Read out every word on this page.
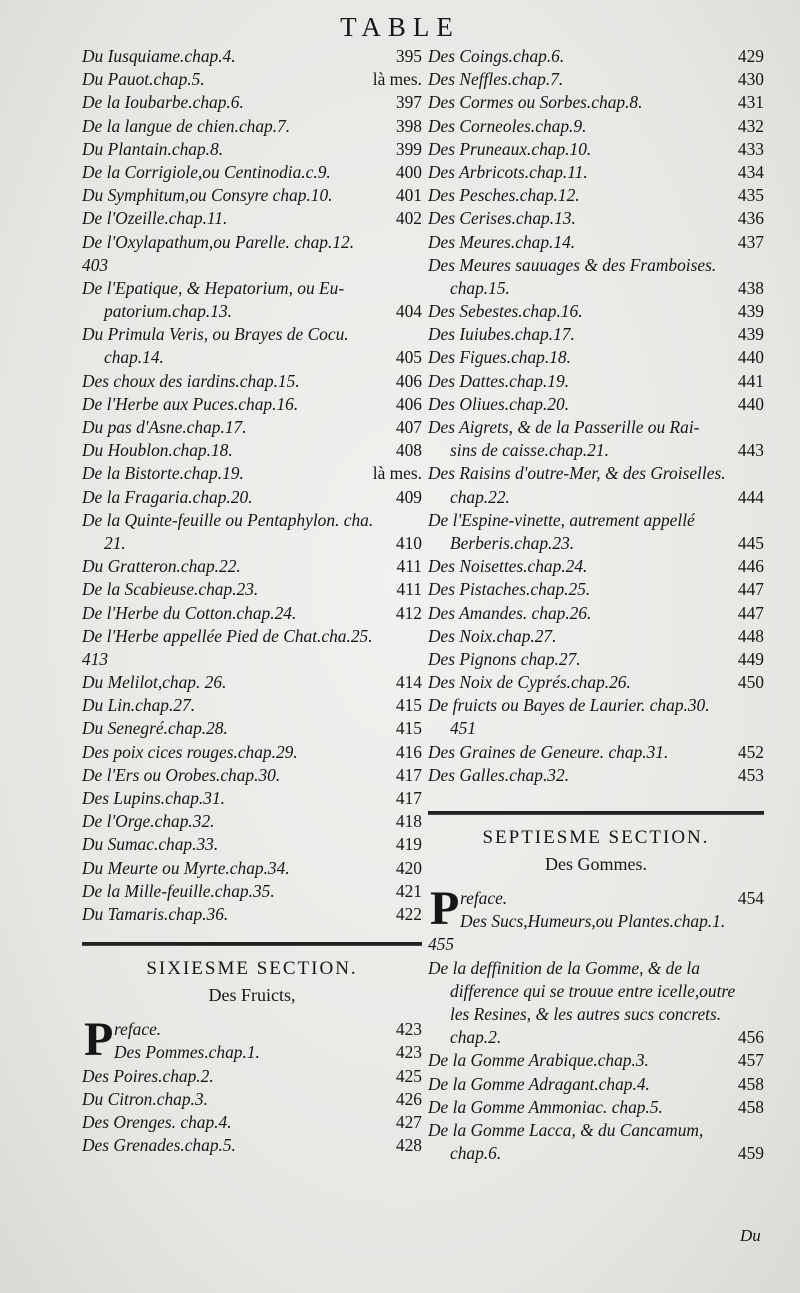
TABLE
Du Iusquiame.chap.4.	395
Du Pauot.chap.5.	là mes.
De la Ioubarbe.chap.6.	397
De la langue de chien.chap.7.	398
Du Plantain.chap.8.	399
De la Corrigiole,ou Centinodia.c.9.	400
Du Symphitum,ou Consyre chap.10.	401
De l'Ozeille.chap.11.	402
De l'Oxylapathum,ou Parelle. chap.12.
403
De l'Epatique, & Hepatorium, ou Eu-
patorium.chap.13.	404
Du Primula Veris, ou Brayes de Cocu.
chap.14.	405
Des choux des iardins.chap.15.	406
De l'Herbe aux Puces.chap.16.	406
Du pas d'Asne.chap.17.	407
Du Houblon.chap.18.	408
De la Bistorte.chap.19.	là mes.
De la Fragaria.chap.20.	409
De la Quinte-feuille ou Pentaphylon. cha.
21.	410
Du Gratteron.chap.22.	411
De la Scabieuse.chap.23.	411
De l'Herbe du Cotton.chap.24.	412
De l'Herbe appellée Pied de Chat.cha.25.
413
Du Melilot,chap. 26.	414
Du Lin.chap.27.	415
Du Senegré.chap.28.	415
Des poix cices rouges.chap.29.	416
De l'Ers ou Orobes.chap.30.	417
Des Lupins.chap.31.	417
De l'Orge.chap.32.	418
Du Sumac.chap.33.	419
Du Meurte ou Myrte.chap.34.	420
De la Mille-feuille.chap.35.	421
Du Tamaris.chap.36.	422
SIXIESME SECTION.
Des Fruicts,
P reface.	423
Des Pommes.chap.1.	423
Des Poires.chap.2.	425
Du Citron.chap.3.	426
Des Orenges. chap.4.	427
Des Grenades.chap.5.	428
Des Coings.chap.6.	429
Des Neffles.chap.7.	430
Des Cormes ou Sorbes.chap.8.	431
Des Corneoles.chap.9.	432
Des Pruneaux.chap.10.	433
Des Arbricots.chap.11.	434
Des Pesches.chap.12.	435
Des Cerises.chap.13.	436
Des Meures.chap.14.	437
Des Meures sauuages & des Framboises.
chap.15.	438
Des Sebestes.chap.16.	439
Des Iuiubes.chap.17.	439
Des Figues.chap.18.	440
Des Dattes.chap.19.	441
Des Oliues.chap.20.	440
Des Aigrets, & de la Passerille ou Rai-
sins de caisse.chap.21.	443
Des Raisins d'outre-Mer, & des Groiselles.
chap.22.	444
De l'Espine-vinette, autrement appellé
Berberis.chap.23.	445
Des Noisettes.chap.24.	446
Des Pistaches.chap.25.	447
Des Amandes. chap.26.	447
Des Noix.chap.27.	448
Des Pignons chap.27.	449
Des Noix de Cyprés.chap.26.	450
De fruicts ou Bayes de Laurier. chap.30.
451
Des Graines de Geneure. chap.31.	452
Des Galles.chap.32.	453
SEPTIESME SECTION.
Des Gommes.
P reface.	454
Des Sucs,Humeurs,ou Plantes.chap.1.
455
De la deffinition de la Gomme, & de la
difference qui se trouue entre icelle,outre
les Resines, & les autres sucs concrets.
chap.2.	456
De la Gomme Arabique.chap.3.	457
De la Gomme Adragant.chap.4.	458
De la Gomme Ammoniac. chap.5.	458
De la Gomme Lacca, & du Cancamum,
chap.6.	459
Du
